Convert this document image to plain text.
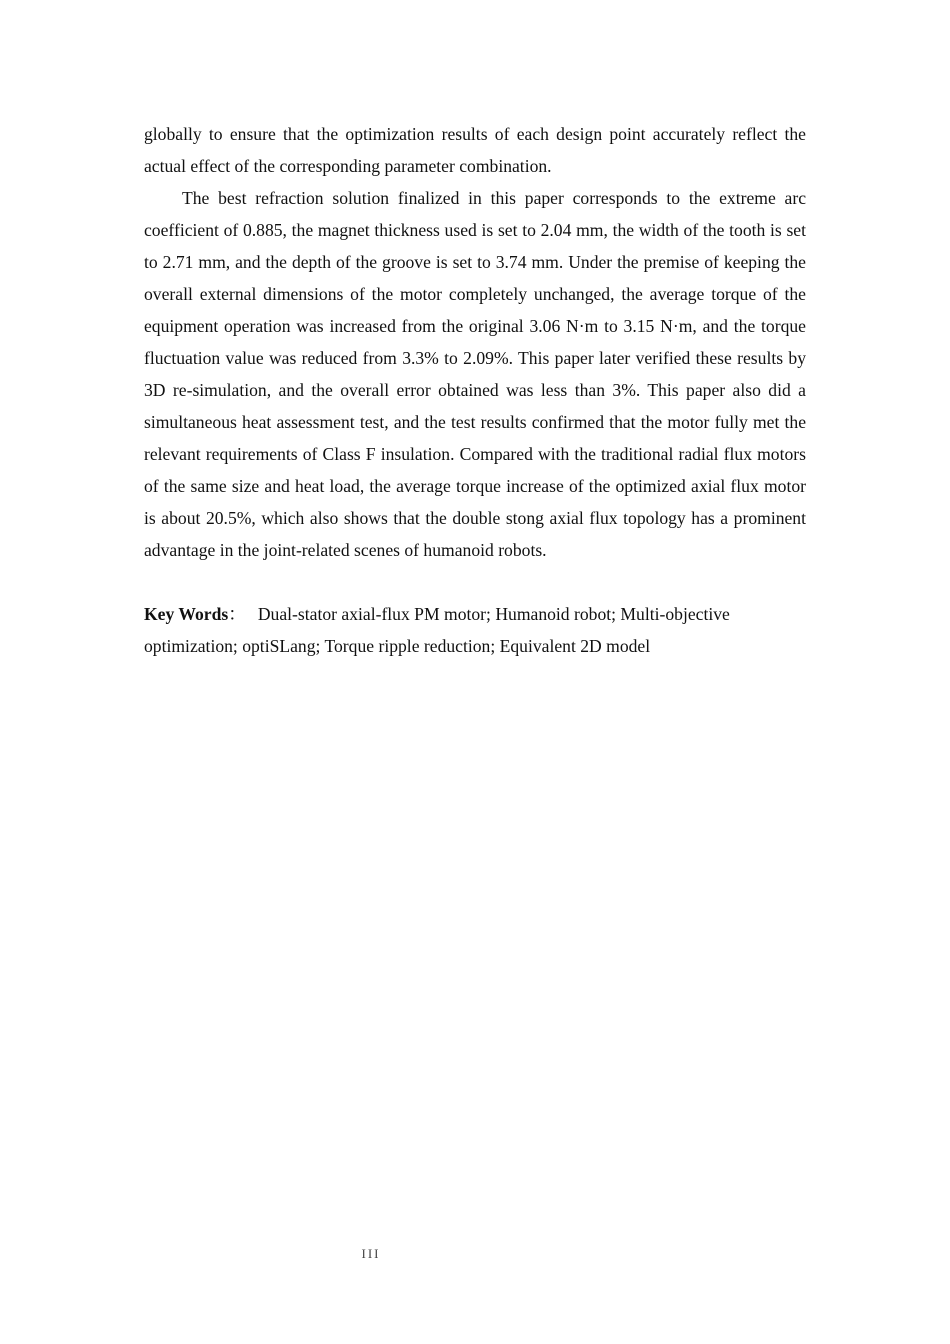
globally to ensure that the optimization results of each design point accurately reflect the actual effect of the corresponding parameter combination.

The best refraction solution finalized in this paper corresponds to the extreme arc coefficient of 0.885, the magnet thickness used is set to 2.04 mm, the width of the tooth is set to 2.71 mm, and the depth of the groove is set to 3.74 mm. Under the premise of keeping the overall external dimensions of the motor completely unchanged, the average torque of the equipment operation was increased from the original 3.06 N·m to 3.15 N·m, and the torque fluctuation value was reduced from 3.3% to 2.09%. This paper later verified these results by 3D re-simulation, and the overall error obtained was less than 3%. This paper also did a simultaneous heat assessment test, and the test results confirmed that the motor fully met the relevant requirements of Class F insulation. Compared with the traditional radial flux motors of the same size and heat load, the average torque increase of the optimized axial flux motor is about 20.5%, which also shows that the double stong axial flux topology has a prominent advantage in the joint-related scenes of humanoid robots.

Key Words： Dual-stator axial-flux PM motor; Humanoid robot; Multi-objective optimization; optiSLang; Torque ripple reduction; Equivalent 2D model

III
